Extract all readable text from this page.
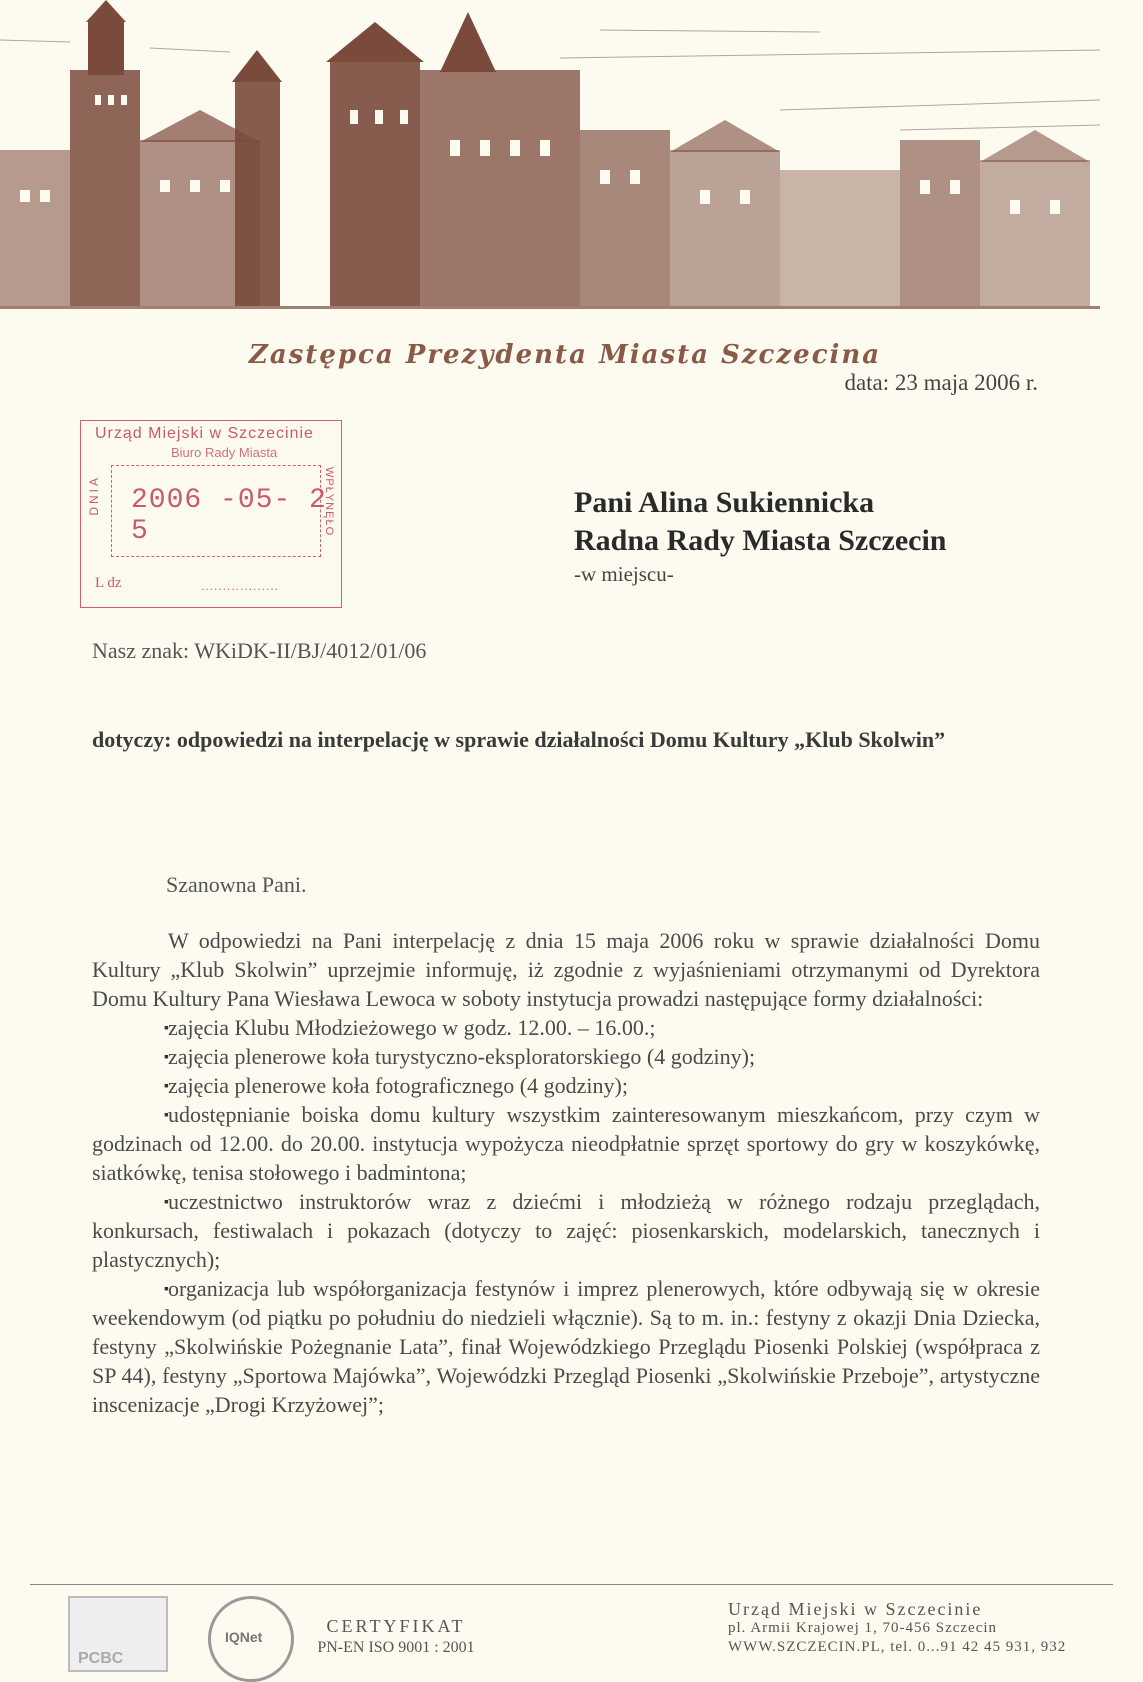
Zastępca Prezydenta Miasta Szczecina
data: 23 maja 2006 r.
Urząd Miejski w Szczecinie
Biuro Rady Miasta
DNIA 2006 -05- 2 5	WPŁYNĘŁO
L dz	..................
Pani Alina Sukiennicka
Radna Rady Miasta Szczecin
-w miejscu-
Nasz znak: WKiDK-II/BJ/4012/01/06
dotyczy: odpowiedzi na interpelację w sprawie działalności Domu Kultury „Klub Skolwin”
Szanowna Pani.

W odpowiedzi na Pani interpelację z dnia 15 maja 2006 roku w sprawie działalności Domu Kultury „Klub Skolwin” uprzejmie informuję, iż zgodnie z wyjaśnieniami otrzymanymi od Dyrektora Domu Kultury Pana Wiesława Lewoca w soboty instytucja prowadzi następujące formy działalności:

▪ zajęcia Klubu Młodzieżowego w godz. 12.00. – 16.00.;
▪ zajęcia plenerowe koła turystyczno-eksploratorskiego (4 godziny);
▪ zajęcia plenerowe koła fotograficznego (4 godziny);
▪ udostępnianie boiska domu kultury wszystkim zainteresowanym mieszkańcom, przy czym w godzinach od 12.00. do 20.00. instytucja wypożycza nieodpłatnie sprzęt sportowy do gry w koszykówkę, siatkówkę, tenisa stołowego i badmintona;
▪ uczestnictwo instruktorów wraz z dziećmi i młodzieżą w różnego rodzaju przeglądach, konkursach, festiwalach i pokazach (dotyczy to zajęć: piosenkarskich, modelarskich, tanecznych i plastycznych);
▪ organizacja lub współorganizacja festynów i imprez plenerowych, które odbywają się w okresie weekendowym (od piątku po południu do niedzieli włącznie). Są to m. in.: festyny z okazji Dnia Dziecka, festyny „Skolwińskie Pożegnanie Lata”, finał Wojewódzkiego Przeglądu Piosenki Polskiej (współpraca z SP 44), festyny „Sportowa Majówka”, Wojewódzki Przegląd Piosenki „Skolwińskie Przeboje”, artystyczne inscenizacje „Drogi Krzyżowej”;
PCBC
IQNet
CERTYFIKAT
PN-EN ISO 9001 : 2001
Urząd Miejski w Szczecinie
pl. Armii Krajowej 1, 70-456 Szczecin
WWW.SZCZECIN.PL, tel. 0...91 42 45 931, 932
